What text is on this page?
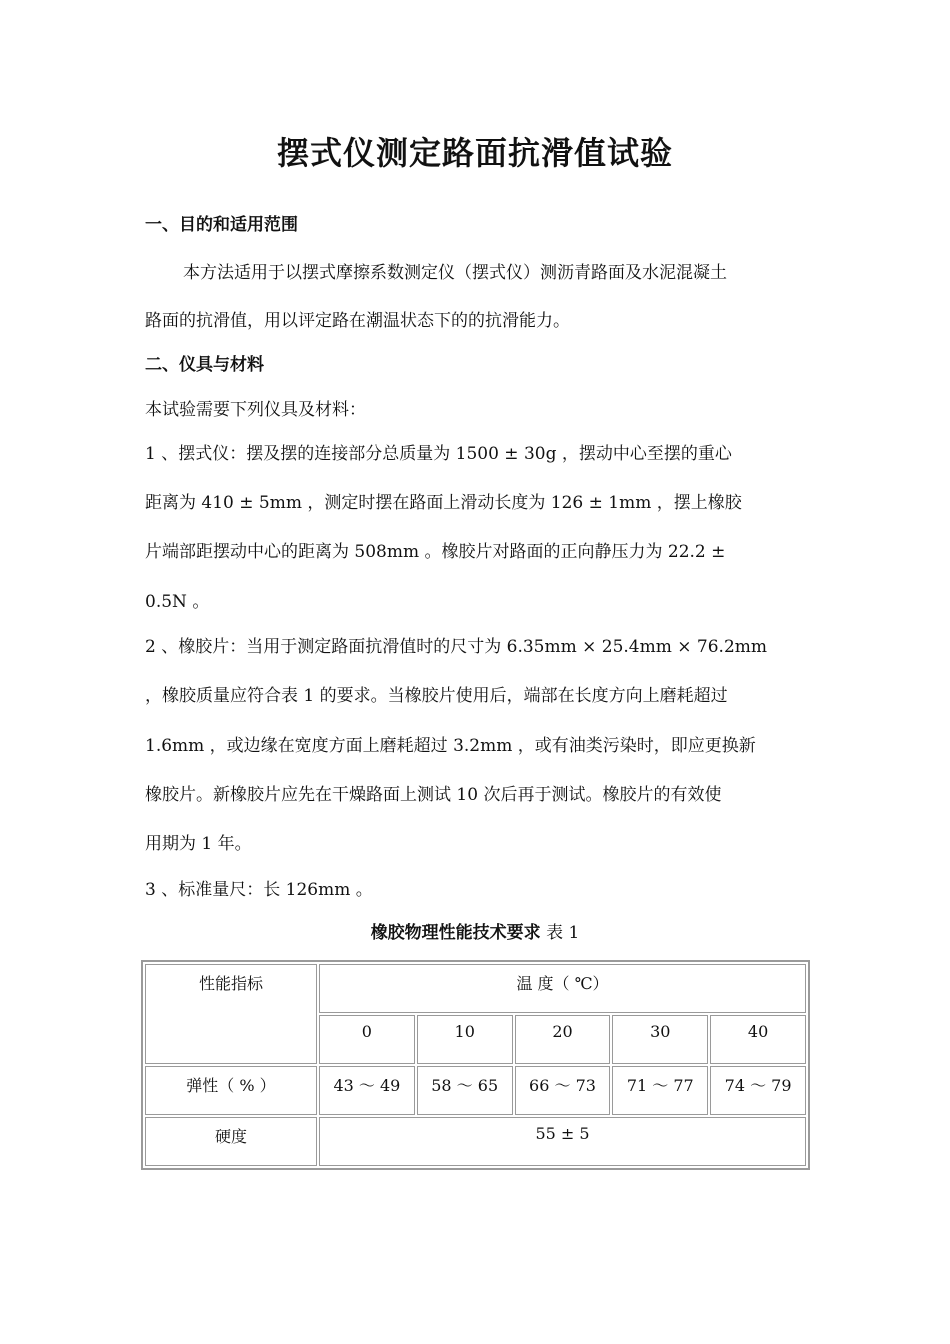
摆式仪测定路面抗滑值试验
一、目的和适用范围
本方法适用于以摆式摩擦系数测定仪（摆式仪）测沥青路面及水泥混凝土
路面的抗滑值，用以评定路在潮温状态下的的抗滑能力。
二、仪具与材料
本试验需要下列仪具及材料：
1 、摆式仪：摆及摆的连接部分总质量为 1500 ± 30g ，摆动中心至摆的重心
距离为 410 ± 5mm ，测定时摆在路面上滑动长度为 126 ± 1mm ，摆上橡胶
片端部距摆动中心的距离为 508mm 。橡胶片对路面的正向静压力为 22.2 ±
0.5N 。
2 、橡胶片：当用于测定路面抗滑值时的尺寸为 6.35mm × 25.4mm × 76.2mm
，橡胶质量应符合表 1 的要求。当橡胶片使用后，端部在长度方向上磨耗超过
1.6mm ，或边缘在宽度方面上磨耗超过 3.2mm ，或有油类污染时，即应更换新
橡胶片。新橡胶片应先在干燥路面上测试 10 次后再于测试。橡胶片的有效使
用期为 1 年。
3 、标准量尺：长 126mm 。
橡胶物理性能技术要求 表 1
性能指标	温 度（ ℃）				
	0	10	20	30	40
弹性（ % ）	43 ～ 49	58 ～ 65	66 ～ 73	71 ～ 77	74 ～ 79
硬度	55 ± 5				
